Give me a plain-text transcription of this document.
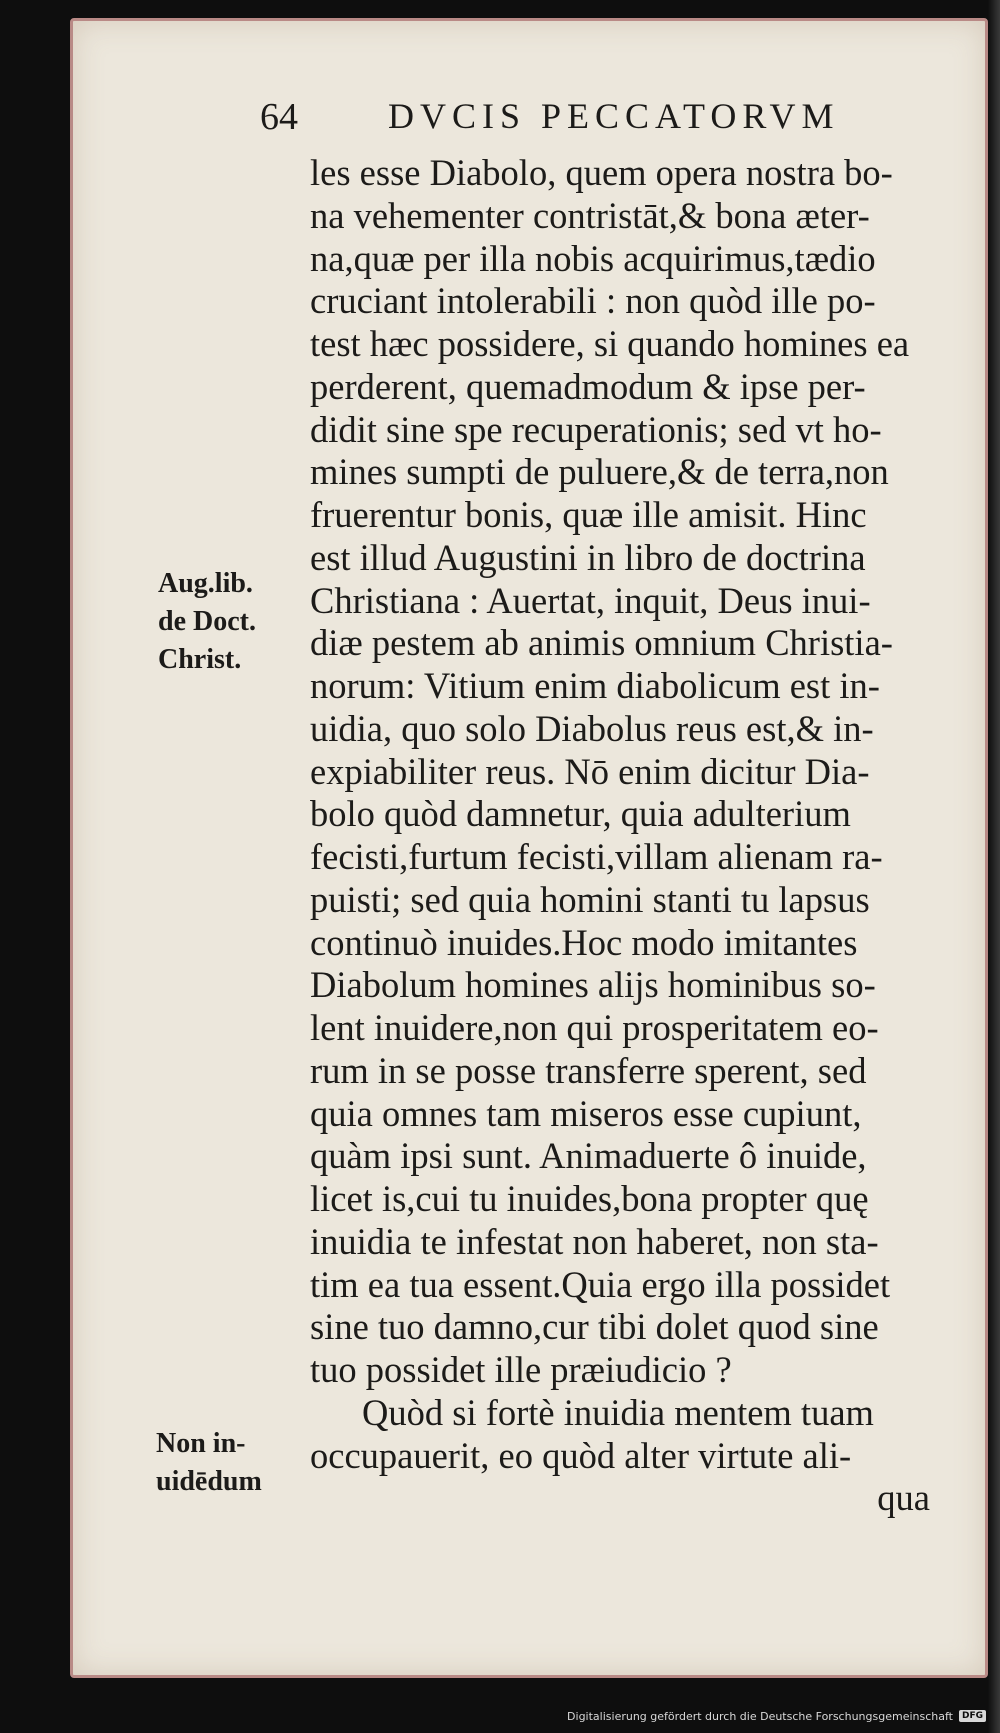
64	DVCIS PECCATORVM
Aug.lib.
de Doct.
Christ.
Non in-
uidēdum
les esse Diabolo, quem opera nostra bo-
na vehementer contristāt,& bona æter-
na,quæ per illa nobis acquirimus,tædio
cruciant intolerabili : non quòd ille po-
test hæc possidere, si quando homines ea
perderent, quemadmodum & ipse per-
didit sine spe recuperationis; sed vt ho-
mines sumpti de puluere,& de terra,non
fruerentur bonis, quæ ille amisit. Hinc
est illud Augustini in libro de doctrina
Christiana : Auertat, inquit, Deus inui-
diæ pestem ab animis omnium Christia-
norum: Vitium enim diabolicum est in-
uidia, quo solo Diabolus reus est,& in-
expiabiliter reus. Nō enim dicitur Dia-
bolo quòd damnetur, quia adulterium
fecisti,furtum fecisti,villam alienam ra-
puisti; sed quia homini stanti tu lapsus
continuò inuides.Hoc modo imitantes
Diabolum homines alijs hominibus so-
lent inuidere,non qui prosperitatem eo-
rum in se posse transferre sperent, sed
quia omnes tam miseros esse cupiunt,
quàm ipsi sunt. Animaduerte ô inuide,
licet is,cui tu inuides,bona propter quę
inuidia te infestat non haberet, non sta-
tim ea tua essent.Quia ergo illa possidet
sine tuo damno,cur tibi dolet quod sine
tuo possidet ille præiudicio ?
Quòd si fortè inuidia mentem tuam
occupauerit, eo quòd alter virtute ali-
qua
Digitalisierung gefördert durch die Deutsche Forschungsgemeinschaft	DFG
